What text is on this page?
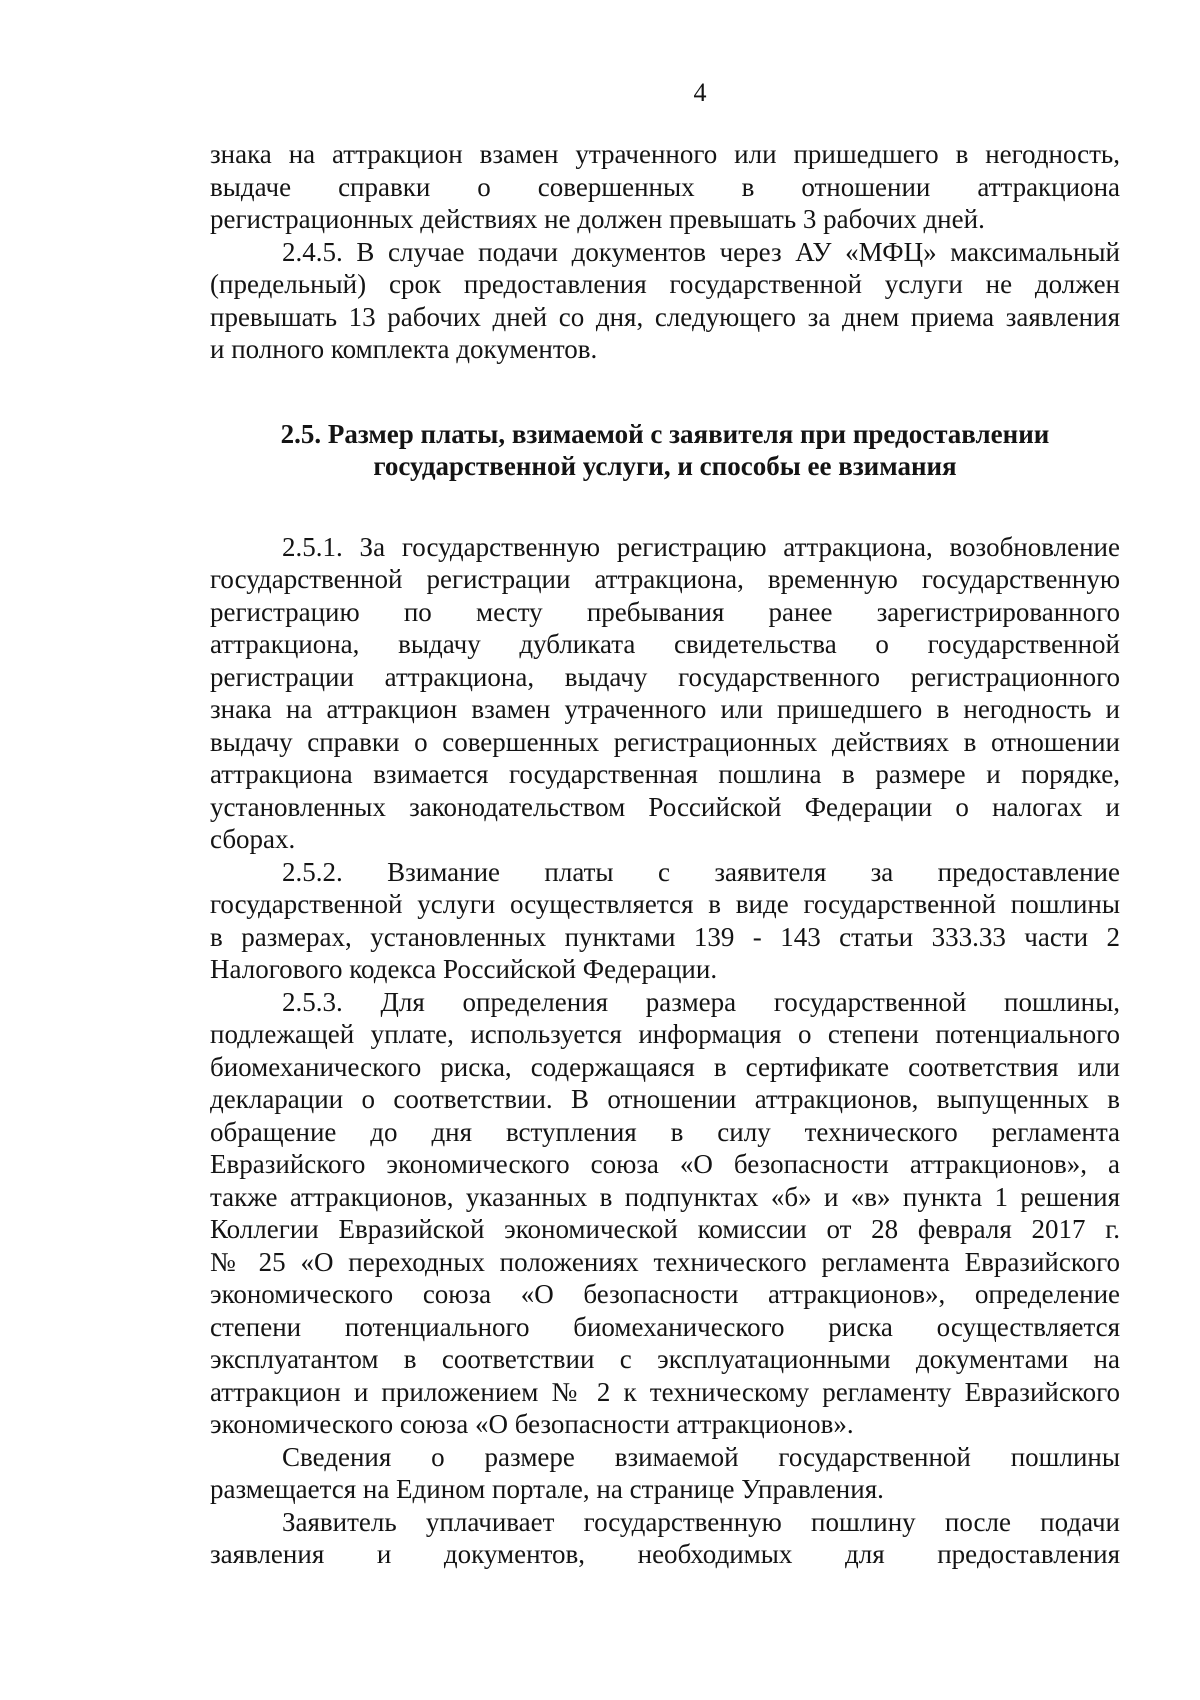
4

знака на аттракцион взамен утраченного или пришедшего в негодность,

выдаче справки о совершенных в отношении аттракциона

регистрационных действиях не должен превышать 3 рабочих дней.

2.4.5. В случае подачи документов через АУ «МФЦ» максимальный

(предельный) срок предоставления государственной услуги не должен

превышать 13 рабочих дней со дня, следующего за днем приема заявления

и полного комплекта документов.

2.5. Размер платы, взимаемой с заявителя при предоставлении
государственной услуги, и способы ее взимания

2.5.1. За государственную регистрацию аттракциона, возобновление

государственной регистрации аттракциона, временную государственную

регистрацию по месту пребывания ранее зарегистрированного

аттракциона, выдачу дубликата свидетельства о государственной

регистрации аттракциона, выдачу государственного регистрационного

знака на аттракцион взамен утраченного или пришедшего в негодность и

выдачу справки о совершенных регистрационных действиях в отношении

аттракциона взимается государственная пошлина в размере и порядке,

установленных законодательством Российской Федерации о налогах и

сборах.

2.5.2. Взимание платы с заявителя за предоставление

государственной услуги осуществляется в виде государственной пошлины

в размерах, установленных пунктами 139 - 143 статьи 333.33 части 2

Налогового кодекса Российской Федерации.

2.5.3. Для определения размера государственной пошлины,

подлежащей уплате, используется информация о степени потенциального

биомеханического риска, содержащаяся в сертификате соответствия или

декларации о соответствии. В отношении аттракционов, выпущенных в

обращение до дня вступления в силу технического регламента

Евразийского экономического союза «О безопасности аттракционов», а

также аттракционов, указанных в подпунктах «б» и «в» пункта 1 решения

Коллегии Евразийской экономической комиссии от 28 февраля 2017 г.

№ 25 «О переходных положениях технического регламента Евразийского

экономического союза «О безопасности аттракционов», определение

степени потенциального биомеханического риска осуществляется

эксплуатантом в соответствии с эксплуатационными документами на

аттракцион и приложением № 2 к техническому регламенту Евразийского

экономического союза «О безопасности аттракционов».

Сведения о размере взимаемой государственной пошлины

размещается на Едином портале, на странице Управления.

Заявитель уплачивает государственную пошлину после подачи

заявления и документов, необходимых для предоставления
